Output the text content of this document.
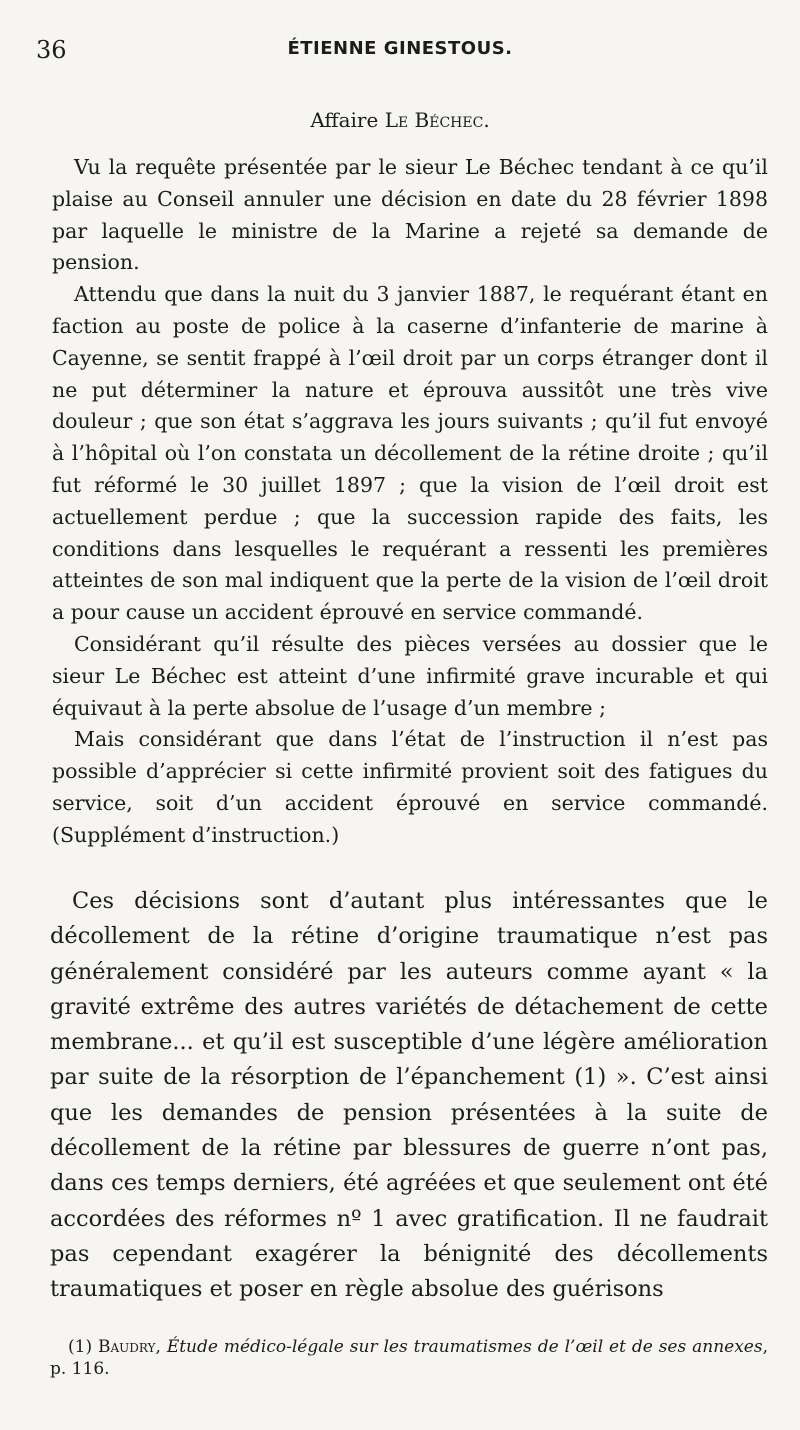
36	ÉTIENNE GINESTOUS.
Affaire Le Béchec.

Vu la requête présentée par le sieur Le Béchec tendant à ce qu’il plaise au Conseil annuler une décision en date du 28 février 1898 par laquelle le ministre de la Marine a rejeté sa demande de pension.

Attendu que dans la nuit du 3 janvier 1887, le requérant étant en faction au poste de police à la caserne d’infanterie de marine à Cayenne, se sentit frappé à l’œil droit par un corps étranger dont il ne put déterminer la nature et éprouva aussitôt une très vive douleur ; que son état s’aggrava les jours suivants ; qu’il fut envoyé à l’hôpital où l’on constata un décollement de la rétine droite ; qu’il fut réformé le 30 juillet 1897 ; que la vision de l’œil droit est actuellement perdue ; que la succession rapide des faits, les conditions dans lesquelles le requérant a ressenti les premières atteintes de son mal indiquent que la perte de la vision de l’œil droit a pour cause un accident éprouvé en service commandé.

Considérant qu’il résulte des pièces versées au dossier que le sieur Le Béchec est atteint d’une infirmité grave incurable et qui équivaut à la perte absolue de l’usage d’un membre ;

Mais considérant que dans l’état de l’instruction il n’est pas possible d’apprécier si cette infirmité provient soit des fatigues du service, soit d’un accident éprouvé en service commandé. (Supplément d’instruction.)

Ces décisions sont d’autant plus intéressantes que le décollement de la rétine d’origine traumatique n’est pas généralement considéré par les auteurs comme ayant « la gravité extrême des autres variétés de détachement de cette membrane... et qu’il est susceptible d’une légère amélioration par suite de la résorption de l’épanchement (1) ». C’est ainsi que les demandes de pension présentées à la suite de décollement de la rétine par blessures de guerre n’ont pas, dans ces temps derniers, été agréées et que seulement ont été accordées des réformes nº 1 avec gratification. Il ne faudrait pas cependant exagérer la bénignité des décollements traumatiques et poser en règle absolue des guérisons

(1) Baudry, Étude médico-légale sur les traumatismes de l’œil et de ses annexes, p. 116.
